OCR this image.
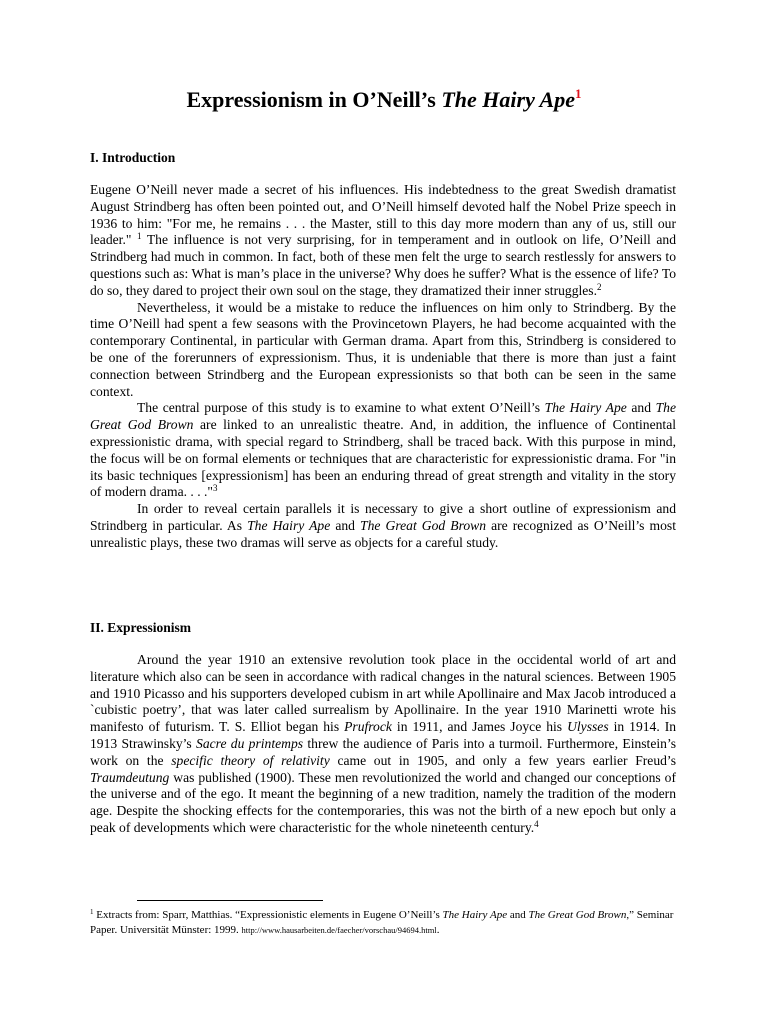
Expressionism in O’Neill’s The Hairy Ape$^1$
I. Introduction

Eugene O’Neill never made a secret of his influences. His indebtedness to the great Swedish dramatist August Strindberg has often been pointed out, and O’Neill himself devoted half the Nobel Prize speech in 1936 to him: "For me, he remains . . . the Master, still to this day more modern than any of us, still our leader." $^1$ The influence is not very surprising, for in temperament and in outlook on life, O’Neill and Strindberg had much in common. In fact, both of these men felt the urge to search restlessly for answers to questions such as: What is man’s place in the universe? Why does he suffer? What is the essence of life? To do so, they dared to project their own soul on the stage, they dramatized their inner struggles.$^2$

Nevertheless, it would be a mistake to reduce the influences on him only to Strindberg. By the time O’Neill had spent a few seasons with the Provincetown Players, he had become acquainted with the contemporary Continental, in particular with German drama. Apart from this, Strindberg is considered to be one of the forerunners of expressionism. Thus, it is undeniable that there is more than just a faint connection between Strindberg and the European expressionists so that both can be seen in the same context.

The central purpose of this study is to examine to what extent O’Neill’s The Hairy Ape and The Great God Brown are linked to an unrealistic theatre. And, in addition, the influence of Continental expressionistic drama, with special regard to Strindberg, shall be traced back. With this purpose in mind, the focus will be on formal elements or techniques that are characteristic for expressionistic drama. For "in its basic techniques [expressionism] has been an enduring thread of great strength and vitality in the story of modern drama. . . ."$^3$

In order to reveal certain parallels it is necessary to give a short outline of expressionism and Strindberg in particular. As The Hairy Ape and The Great God Brown are recognized as O’Neill’s most unrealistic plays, these two dramas will serve as objects for a careful study.

II. Expressionism

Around the year 1910 an extensive revolution took place in the occidental world of art and literature which also can be seen in accordance with radical changes in the natural sciences. Between 1905 and 1910 Picasso and his supporters developed cubism in art while Apollinaire and Max Jacob introduced a `cubistic poetry’, that was later called surrealism by Apollinaire. In the year 1910 Marinetti wrote his manifesto of futurism. T. S. Elliot began his Prufrock in 1911, and James Joyce his Ulysses in 1914. In 1913 Strawinsky’s Sacre du printemps threw the audience of Paris into a turmoil. Furthermore, Einstein’s work on the specific theory of relativity came out in 1905, and only a few years earlier Freud’s Traumdeutung was published (1900). These men revolutionized the world and changed our conceptions of the universe and of the ego. It meant the beginning of a new tradition, namely the tradition of the modern age. Despite the shocking effects for the contemporaries, this was not the birth of a new epoch but only a peak of developments which were characteristic for the whole nineteenth century.$^4$

$^1$ Extracts from: Sparr, Matthias. “Expressionistic elements in Eugene O’Neill’s The Hairy Ape and The Great God Brown,” Seminar Paper. Universität Münster: 1999. http://www.hausarbeiten.de/faecher/vorschau/94694.html.
